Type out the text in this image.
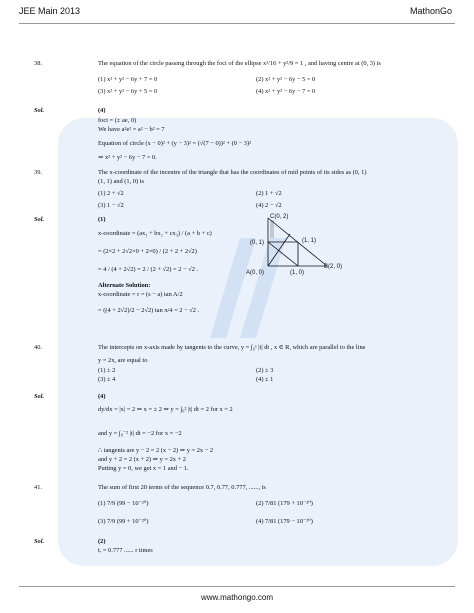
JEE Main 2013	MathonGo
38.	The equation of the circle passing through the foci of the ellipse x²/16 + y²/9 = 1 , and having centre at (0, 3) is
(1) x² + y² − 6y + 7 = 0	(2) x² + y² − 6y − 5 = 0
(3) x² + y² − 6y + 5 = 0	(4) x² + y² − 6y − 7 = 0
Sol.	(4)
foci = (± ae, 0)
We have a²e² = a² − b² = 7
Equation of circle (x − 0)² + (y − 3)² = (√(7 − 0))² + (0 − 3)²
⇒ x² + y² − 6y − 7 = 0.
39.	The x-coordinate of the incentre of the triangle that has the coordinates of mid points of its sides as (0, 1)
(1, 1) and (1, 0) is
(1) 2 + √2	(2) 1 + √2
(3) 1 − √2	(4) 2 − √2
Sol.	(1)
x-coordinate = (ax₁ + bx₂ + cx₃) / (a + b + c)
= (2×2 + 2√2×0 + 2×0) / (2 + 2 + 2√2)
= 4 / (4 + 2√2) = 2 / (2 + √2) = 2 − √2 .
Alternate Solution:
x-coordinate = r = (s − a) tan A/2
= ((4 + 2√2)/2 − 2√2) tan π/4 = 2 − √2 .
C(0, 2)
(0, 1)	(1, 1)
A(0, 0)	(1, 0)
B(2, 0)
40.	The intercepts on x-axis made by tangents to the curve, y = ∫₀ˣ |t| dt , x ∈ R, which are parallel to the line
y = 2x, are equal to
(1) ± 2	(2) ± 3
(3) ± 4	(4) ± 1
Sol.	(4)
dy/dx = |x| = 2 ⇒ x = ± 2 ⇒ y = ∫₀² |t| dt = 2 for x = 2
and y = ∫₀⁻² |t| dt = −2 for x = −2
∴ tangents are y − 2 = 2 (x − 2) ⇒ y = 2x − 2
and y + 2 = 2 (x + 2) ⇒ y = 2x + 2
Putting y = 0, we get x = 1 and − 1.
41.	The sum of first 20 terms of the sequence 0.7, 0.77, 0.777, ......, is
(1) 7/9 (99 − 10⁻²⁰)	(2) 7/81 (179 + 10⁻²⁰)
(3) 7/9 (99 + 10⁻²⁰)	(4) 7/81 (179 − 10⁻²⁰)
Sol.	(2)
tᵣ = 0.777 ...... r times
www.mathongo.com
